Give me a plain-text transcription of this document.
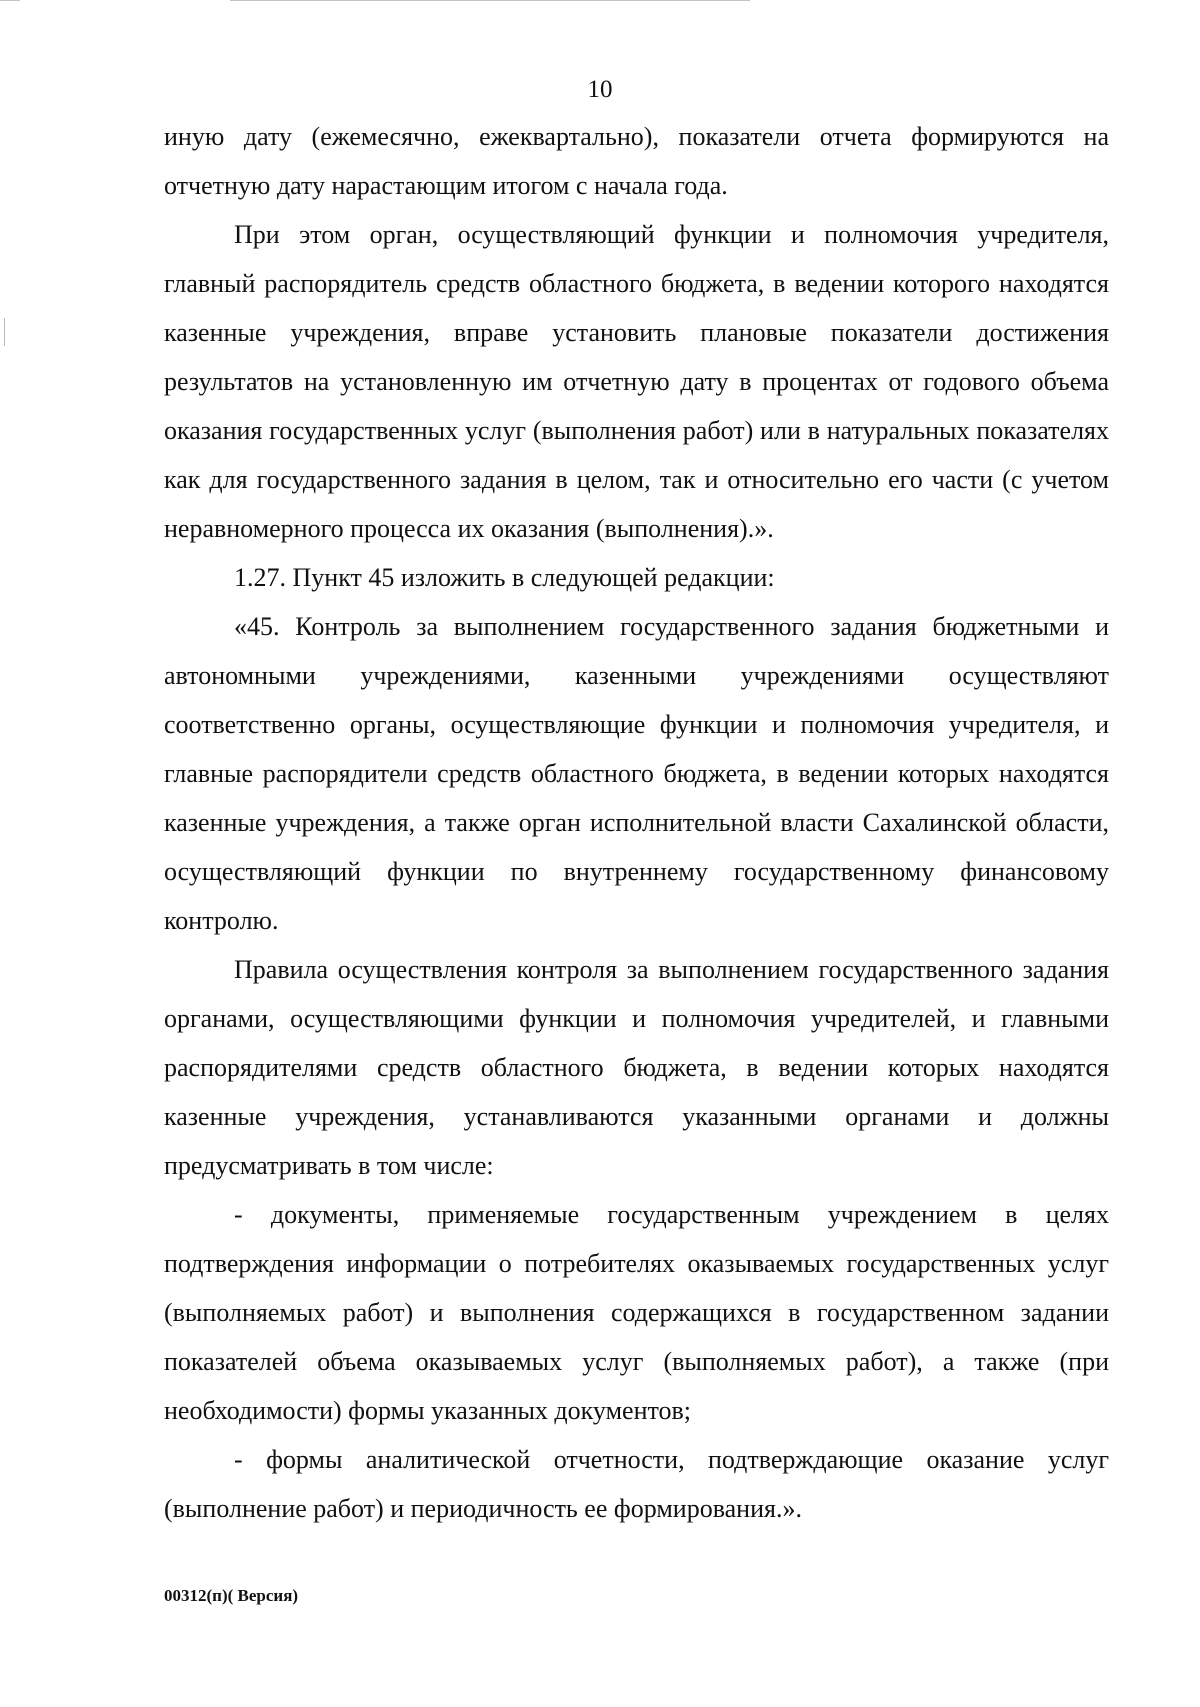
10

иную дату (ежемесячно, ежеквартально), показатели отчета формируются на отчетную дату нарастающим итогом с начала года.

При этом орган, осуществляющий функции и полномочия учредителя, главный распорядитель средств областного бюджета, в ведении которого находятся казенные учреждения, вправе установить плановые показатели достижения результатов на установленную им отчетную дату в процентах от годового объема оказания государственных услуг (выполнения работ) или в натуральных показателях как для государственного задания в целом, так и относительно его части (с учетом неравномерного процесса их оказания (выполнения).».

1.27. Пункт 45 изложить в следующей редакции:

«45. Контроль за выполнением государственного задания бюджетными и автономными учреждениями, казенными учреждениями осуществляют соответственно органы, осуществляющие функции и полномочия учредителя, и главные распорядители средств областного бюджета, в ведении которых находятся казенные учреждения, а также орган исполнительной власти Сахалинской области, осуществляющий функции по внутреннему государственному финансовому контролю.

Правила осуществления контроля за выполнением государственного задания органами, осуществляющими функции и полномочия учредителей, и главными распорядителями средств областного бюджета, в ведении которых находятся казенные учреждения, устанавливаются указанными органами и должны предусматривать в том числе:

- документы, применяемые государственным учреждением в целях подтверждения информации о потребителях оказываемых государственных услуг (выполняемых работ) и выполнения содержащихся в государственном задании показателей объема оказываемых услуг (выполняемых работ), а также (при необходимости) формы указанных документов;

- формы аналитической отчетности, подтверждающие оказание услуг (выполнение работ) и периодичность ее формирования.».

00312(п)( Версия)
